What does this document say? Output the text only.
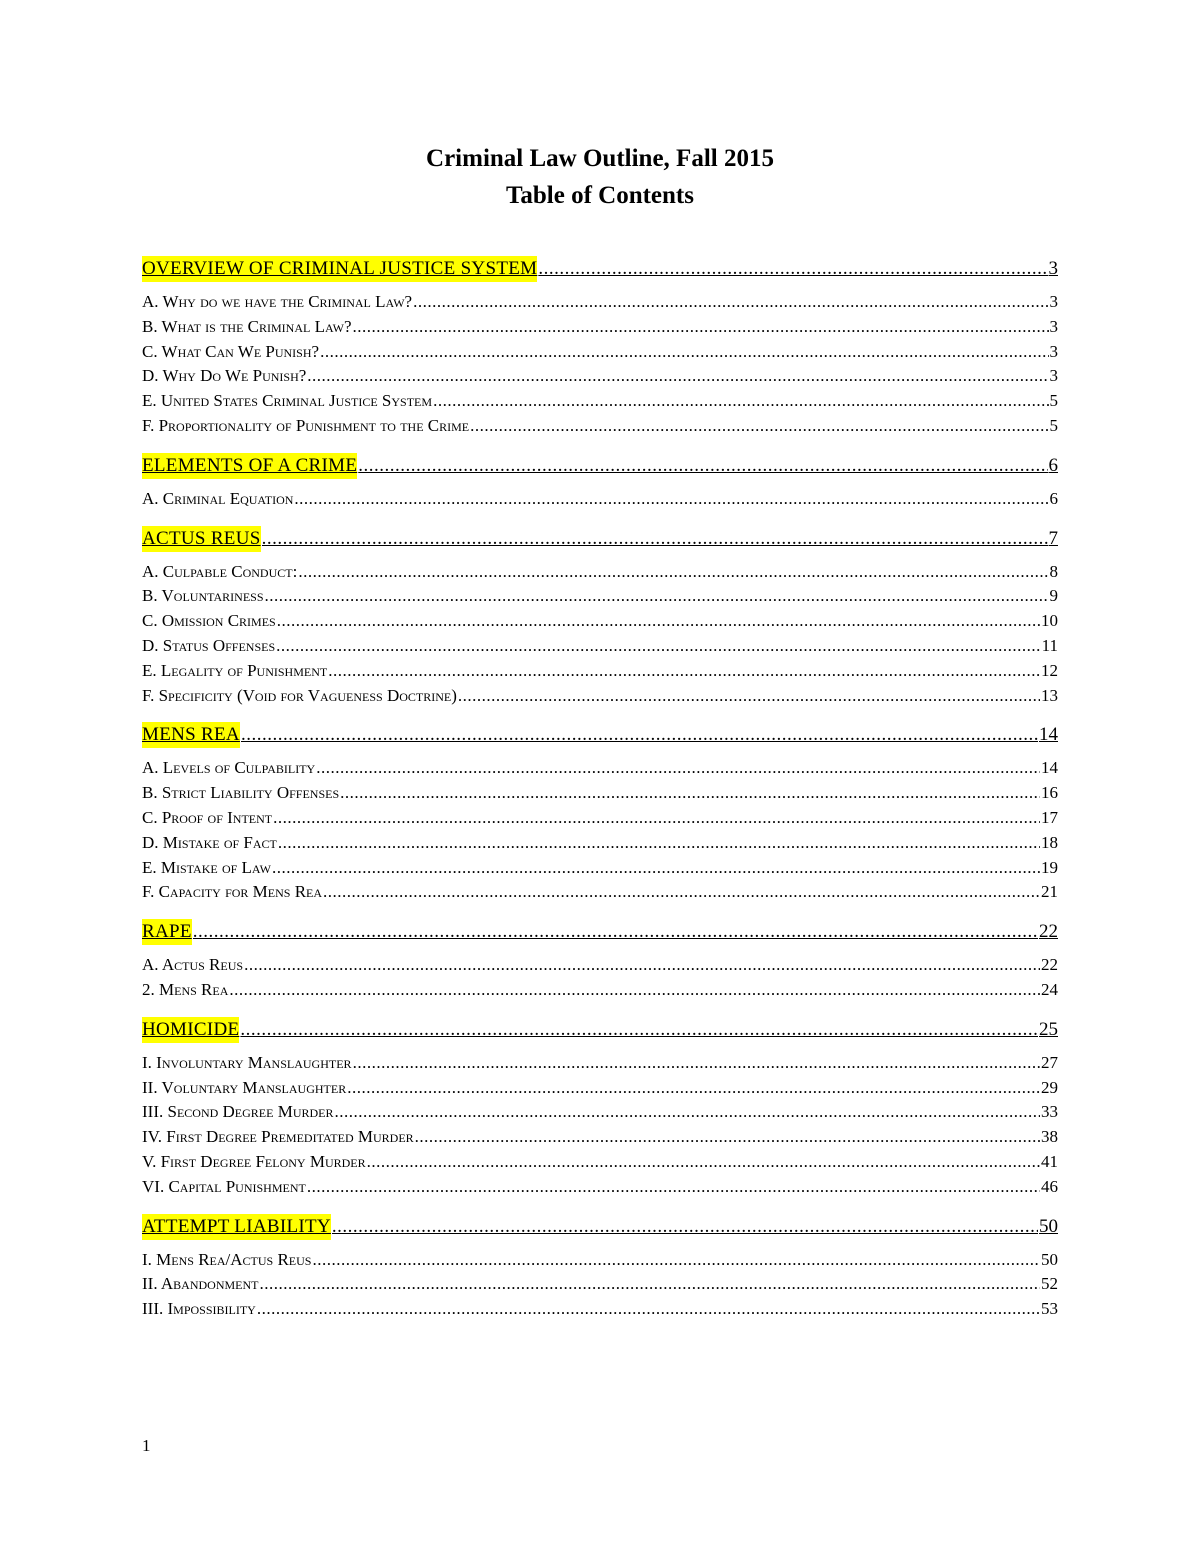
Criminal Law Outline, Fall 2015
Table of Contents
OVERVIEW OF CRIMINAL JUSTICE SYSTEM .....	3
A. Why do we have the Criminal Law? .....	3
B. What is the Criminal Law? .....	3
C. What Can We Punish? .....	3
D. Why Do We Punish? .....	3
E. United States Criminal Justice System .....	5
F. Proportionality of Punishment to the Crime .....	5
ELEMENTS OF A CRIME .....	6
A. Criminal Equation .....	6
ACTUS REUS .....	7
A. Culpable Conduct: .....	8
B. Voluntariness .....	9
C. Omission Crimes .....	10
D. Status Offenses .....	11
E. Legality of Punishment .....	12
F. Specificity (Void for Vagueness Doctrine) .....	13
MENS REA .....	14
A. Levels of Culpability .....	14
B. Strict Liability Offenses .....	16
C. Proof of Intent .....	17
D. Mistake of Fact .....	18
E. Mistake of Law .....	19
F. Capacity for Mens Rea .....	21
RAPE .....	22
A. Actus Reus .....	22
2. Mens Rea .....	24
HOMICIDE .....	25
I. Involuntary Manslaughter .....	27
II. Voluntary Manslaughter .....	29
III. Second Degree Murder .....	33
IV. First Degree Premeditated Murder .....	38
V. First Degree Felony Murder .....	41
VI. Capital Punishment .....	46
ATTEMPT LIABILITY .....	50
I. Mens Rea/Actus Reus .....	50
II. Abandonment .....	52
III. Impossibility .....	53
1
